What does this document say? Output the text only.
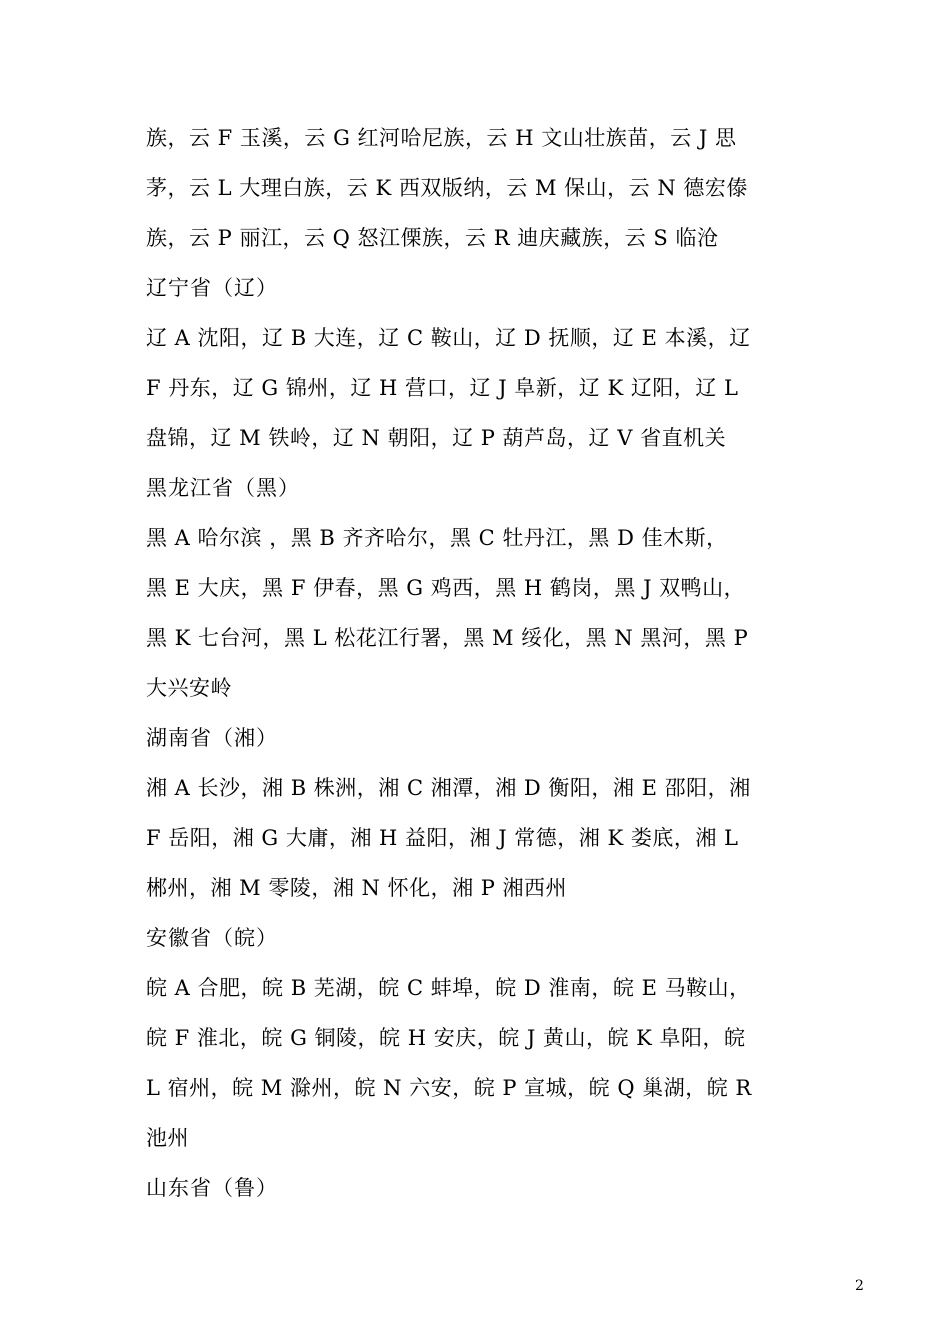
族，云 F 玉溪，云 G 红河哈尼族，云 H 文山壮族苗，云 J 思
茅，云 L 大理白族，云 K 西双版纳，云 M 保山，云 N 德宏傣
族，云 P 丽江，云 Q 怒江傈族，云 R 迪庆藏族，云 S 临沧
辽宁省（辽）
辽 A 沈阳，辽 B 大连，辽 C 鞍山，辽 D 抚顺，辽 E 本溪，辽
F 丹东，辽 G 锦州，辽 H 营口，辽 J 阜新，辽 K 辽阳，辽 L
盘锦，辽 M 铁岭，辽 N 朝阳，辽 P 葫芦岛，辽 V 省直机关
黑龙江省（黑）
黑 A 哈尔滨 ，黑 B 齐齐哈尔，黑 C 牡丹江，黑 D 佳木斯，
黑 E 大庆，黑 F 伊春，黑 G 鸡西，黑 H 鹤岗，黑 J 双鸭山，
黑 K 七台河，黑 L 松花江行署，黑 M 绥化，黑 N 黑河，黑 P
大兴安岭
湖南省（湘）
湘 A 长沙，湘 B 株洲，湘 C 湘潭，湘 D 衡阳，湘 E 邵阳，湘
F 岳阳，湘 G 大庸，湘 H 益阳，湘 J 常德，湘 K 娄底，湘 L
郴州，湘 M 零陵，湘 N 怀化，湘 P 湘西州
安徽省（皖）
皖 A 合肥，皖 B 芜湖，皖 C 蚌埠，皖 D 淮南，皖 E 马鞍山，
皖 F 淮北，皖 G 铜陵，皖 H 安庆，皖 J 黄山，皖 K 阜阳，皖
L 宿州，皖 M 滁州，皖 N 六安，皖 P 宣城，皖 Q 巢湖，皖 R
池州
山东省（鲁）
2
